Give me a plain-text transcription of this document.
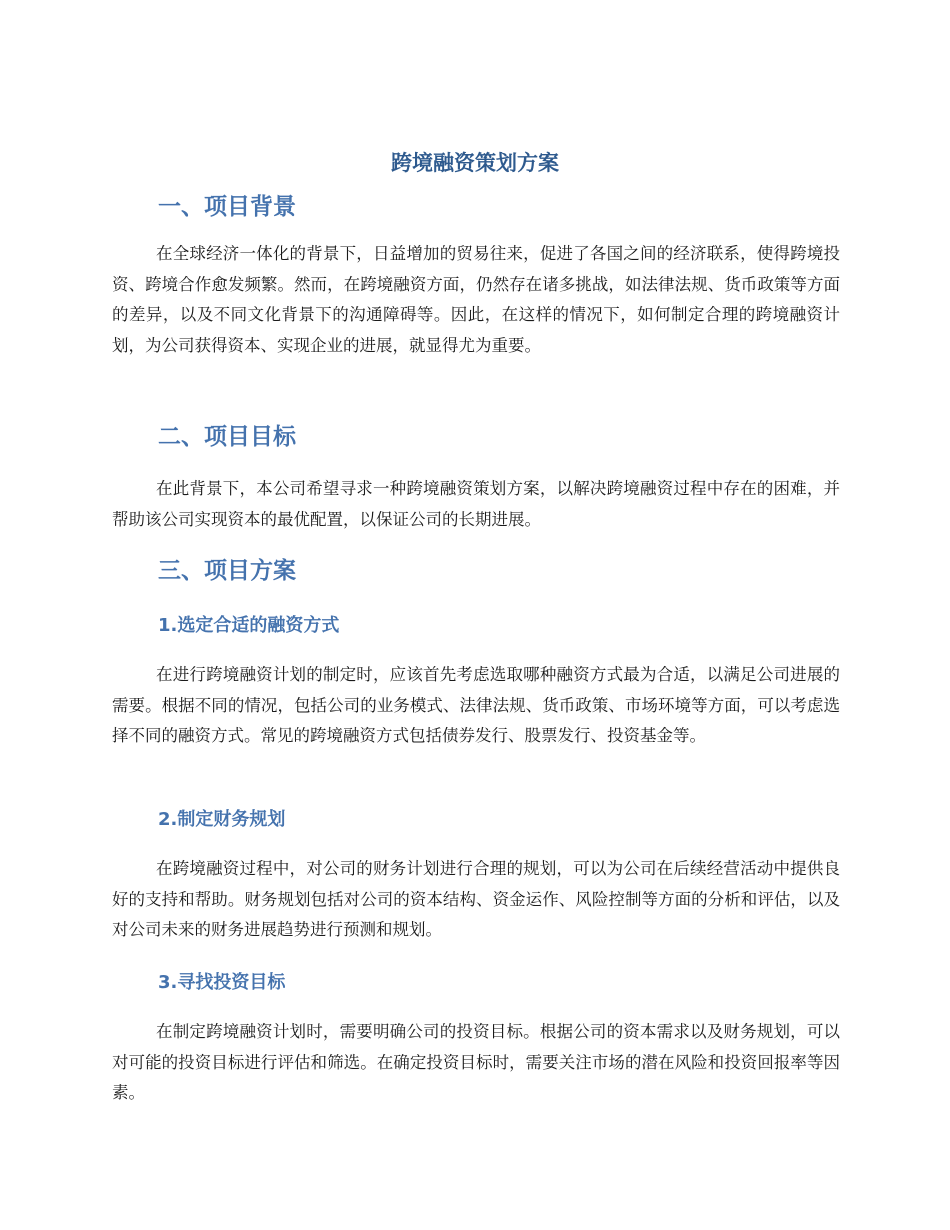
跨境融资策划方案
一、项目背景

在全球经济一体化的背景下，日益增加的贸易往来，促进了各国之间的经济联系，使得跨境投资、跨境合作愈发频繁。然而，在跨境融资方面，仍然存在诸多挑战，如法律法规、货币政策等方面的差异，以及不同文化背景下的沟通障碍等。因此，在这样的情况下，如何制定合理的跨境融资计划，为公司获得资本、实现企业的进展，就显得尤为重要。

二、项目目标

在此背景下，本公司希望寻求一种跨境融资策划方案，以解决跨境融资过程中存在的困难，并帮助该公司实现资本的最优配置，以保证公司的长期进展。

三、项目方案
1.选定合适的融资方式

在进行跨境融资计划的制定时，应该首先考虑选取哪种融资方式最为合适，以满足公司进展的需要。根据不同的情况，包括公司的业务模式、法律法规、货币政策、市场环境等方面，可以考虑选择不同的融资方式。常见的跨境融资方式包括债券发行、股票发行、投资基金等。

2.制定财务规划

在跨境融资过程中，对公司的财务计划进行合理的规划，可以为公司在后续经营活动中提供良好的支持和帮助。财务规划包括对公司的资本结构、资金运作、风险控制等方面的分析和评估，以及对公司未来的财务进展趋势进行预测和规划。

3.寻找投资目标

在制定跨境融资计划时，需要明确公司的投资目标。根据公司的资本需求以及财务规划，可以对可能的投资目标进行评估和筛选。在确定投资目标时，需要关注市场的潜在风险和投资回报率等因素。
